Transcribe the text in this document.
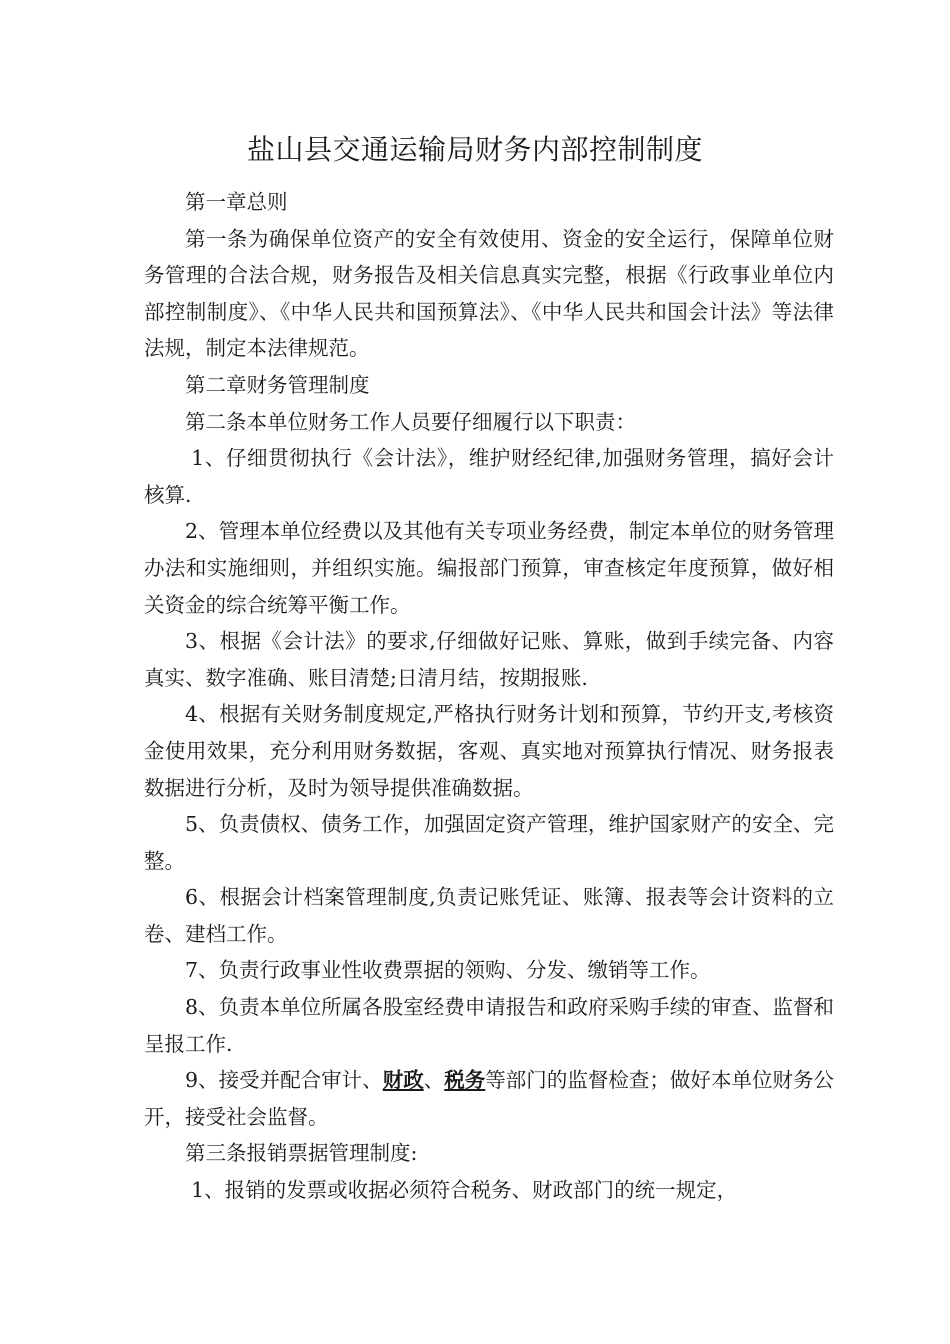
盐山县交通运输局财务内部控制制度

第一章总则

第一条为确保单位资产的安全有效使用、资金的安全运行，保障单位财务管理的合法合规，财务报告及相关信息真实完整，根据《行政事业单位内部控制制度》、《中华人民共和国预算法》、《中华人民共和国会计法》等法律法规，制定本法律规范。

第二章财务管理制度

第二条本单位财务工作人员要仔细履行以下职责：

1、仔细贯彻执行《会计法》，维护财经纪律,加强财务管理，搞好会计核算.

2、管理本单位经费以及其他有关专项业务经费，制定本单位的财务管理办法和实施细则，并组织实施。编报部门预算，审查核定年度预算，做好相关资金的综合统筹平衡工作。

3、根据《会计法》的要求,仔细做好记账、算账，做到手续完备、内容真实、数字准确、账目清楚;日清月结，按期报账.

4、根据有关财务制度规定,严格执行财务计划和预算，节约开支,考核资金使用效果，充分利用财务数据，客观、真实地对预算执行情况、财务报表数据进行分析，及时为领导提供准确数据。

5、负责债权、债务工作，加强固定资产管理，维护国家财产的安全、完整。

6、根据会计档案管理制度,负责记账凭证、账簿、报表等会计资料的立卷、建档工作。

7、负责行政事业性收费票据的领购、分发、缴销等工作。

8、负责本单位所属各股室经费申请报告和政府采购手续的审查、监督和呈报工作.

9、接受并配合审计、财政、税务等部门的监督检查；做好本单位财务公开，接受社会监督。

第三条报销票据管理制度:

1、报销的发票或收据必须符合税务、财政部门的统一规定，
